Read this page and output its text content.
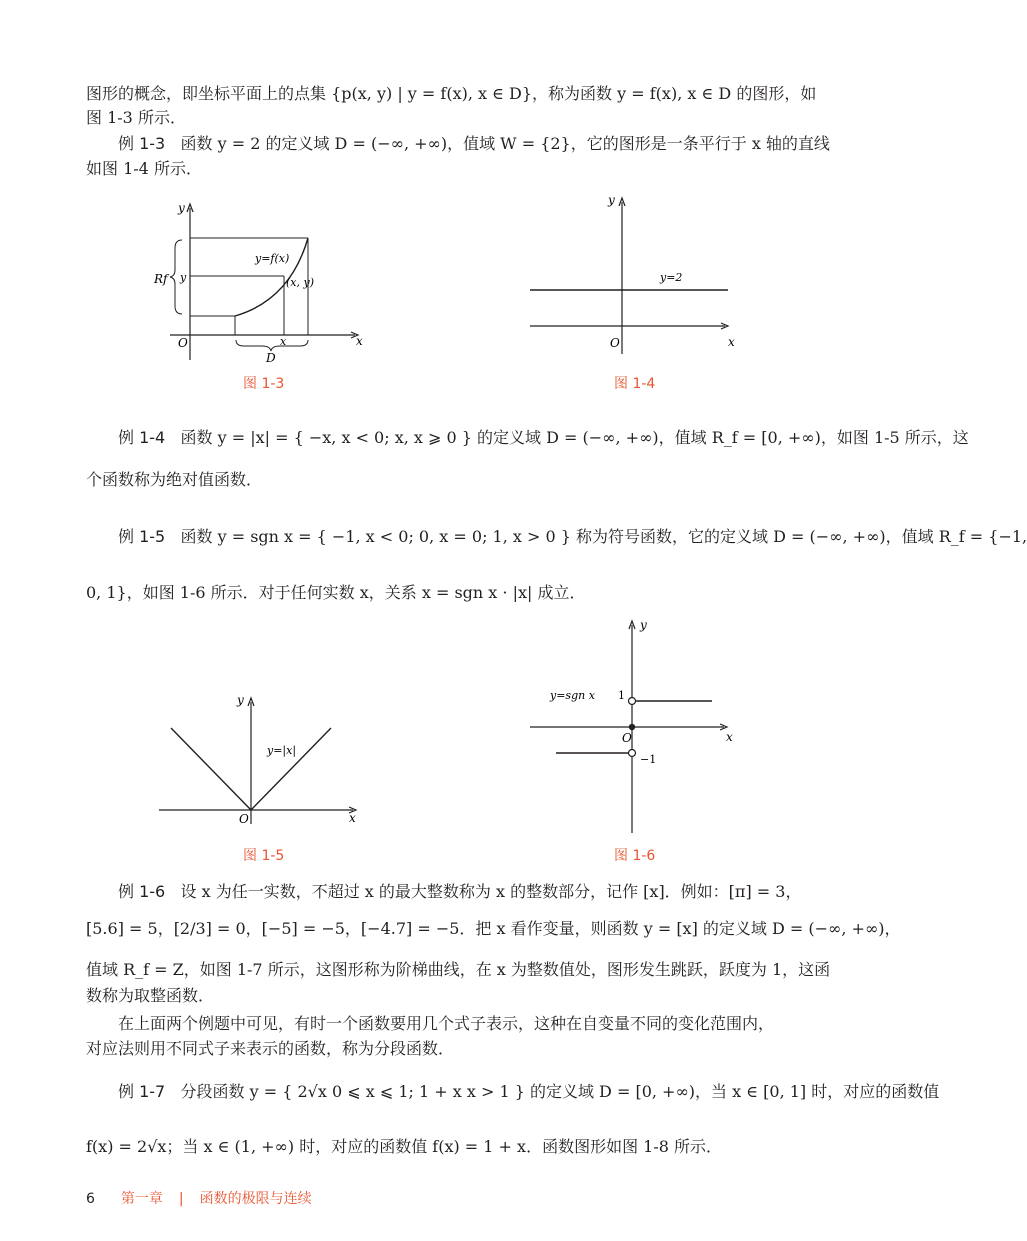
图形的概念，即坐标平面上的点集 {p(x, y) | y = f(x), x ∈ D}，称为函数 y = f(x), x ∈ D 的图形，如

图 1-3 所示．

例 1-3 函数 y = 2 的定义域 D = (−∞, +∞)，值域 W = {2}，它的图形是一条平行于 x 轴的直线

如图 1-4 所示．

y
x
O
Rf y
x
y=f(x)
(x, y)
D
图 1-3
y
x
O
y=2
图 1-4

例 1-4 函数 y = |x| = { −x, x < 0; x, x ⩾ 0 } 的定义域 D = (−∞, +∞)，值域 R_f = [0, +∞)，如图 1-5 所示，这

个函数称为绝对值函数．

例 1-5 函数 y = sgn x = { −1, x < 0; 0, x = 0; 1, x > 0 } 称为符号函数，它的定义域 D = (−∞, +∞)，值域 R_f = {−1,

0, 1}，如图 1-6 所示．对于任何实数 x，关系 x = sgn x · |x| 成立．

y
x
O
y=|x|
图 1-5
y
x
O
y=sgn x 1
−1
图 1-6

例 1-6 设 x 为任一实数，不超过 x 的最大整数称为 x 的整数部分，记作 [x]．例如：[π] = 3，

[5.6] = 5，[2/3] = 0，[−5] = −5，[−4.7] = −5．把 x 看作变量，则函数 y = [x] 的定义域 D = (−∞, +∞)，

值域 R_f = Z，如图 1-7 所示，这图形称为阶梯曲线，在 x 为整数值处，图形发生跳跃，跃度为 1，这函

数称为取整函数．

在上面两个例题中可见，有时一个函数要用几个式子表示，这种在自变量不同的变化范围内，

对应法则用不同式子来表示的函数，称为分段函数．

例 1-7 分段函数 y = { 2√x 0 ⩽ x ⩽ 1; 1 + x x > 1 } 的定义域 D = [0, +∞)，当 x ∈ [0, 1] 时，对应的函数值

f(x) = 2√x；当 x ∈ (1, +∞) 时，对应的函数值 f(x) = 1 + x．函数图形如图 1-8 所示．

6 第一章 | 函数的极限与连续
